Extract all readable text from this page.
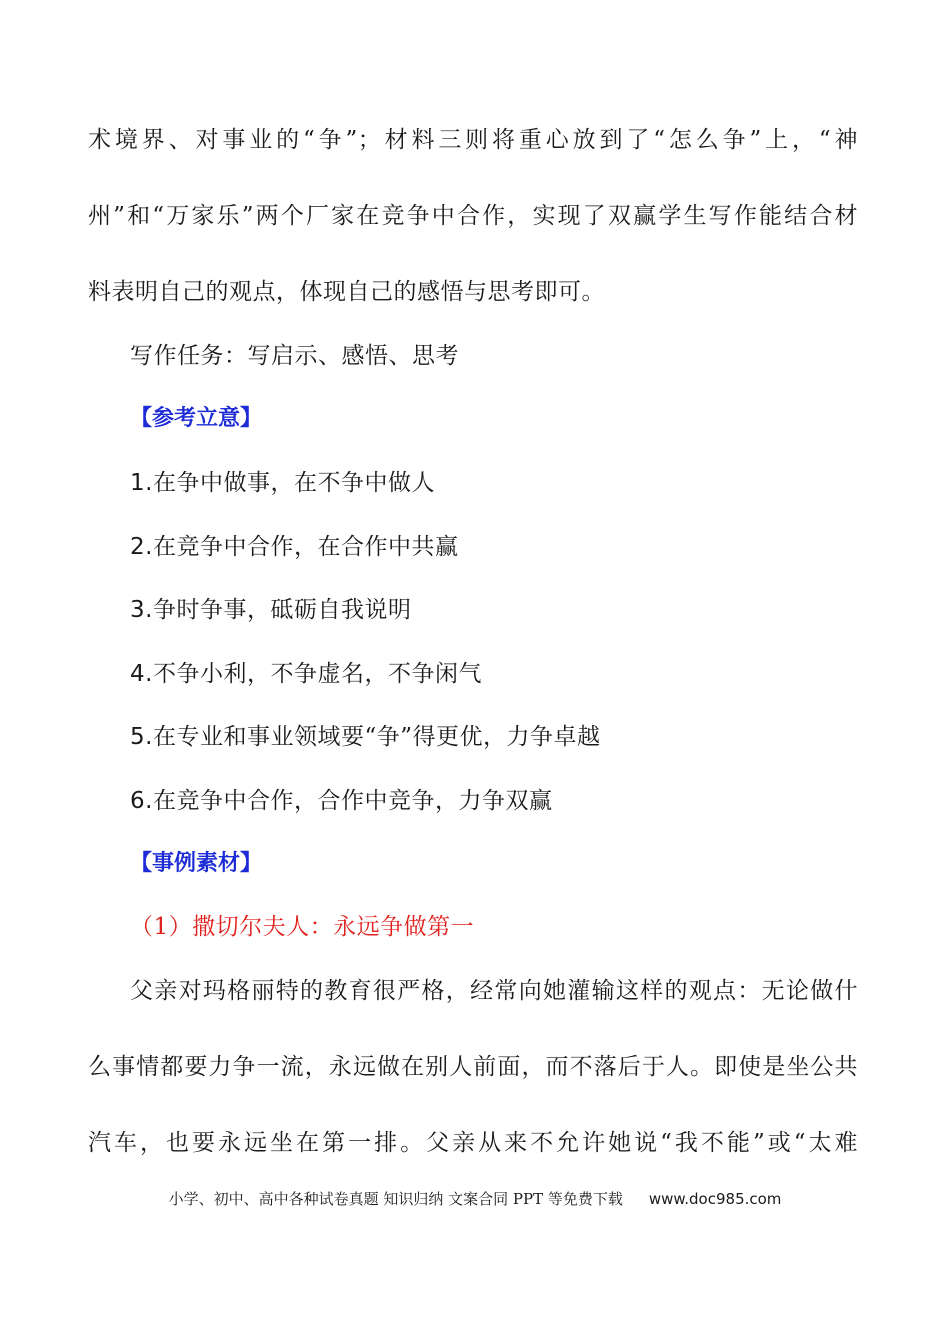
术境界、对事业的“争”；材料三则将重心放到了“怎么争”上，“神
州”和“万家乐”两个厂家在竞争中合作，实现了双赢学生写作能结合材
料表明自己的观点，体现自己的感悟与思考即可。
写作任务：写启示、感悟、思考
【参考立意】
1.在争中做事，在不争中做人
2.在竞争中合作，在合作中共赢
3.争时争事，砥砺自我说明
4.不争小利，不争虚名，不争闲气
5.在专业和事业领域要“争”得更优，力争卓越
6.在竞争中合作，合作中竞争，力争双赢
【事例素材】
（1）撒切尔夫人：永远争做第一
父亲对玛格丽特的教育很严格，经常向她灌输这样的观点：无论做什
么事情都要力争一流，永远做在别人前面，而不落后于人。即使是坐公共
汽车，也要永远坐在第一排。父亲从来不允许她说“我不能”或“太难
小学、初中、高中各种试卷真题 知识归纳 文案合同 PPT 等免费下载 www.doc985.com
